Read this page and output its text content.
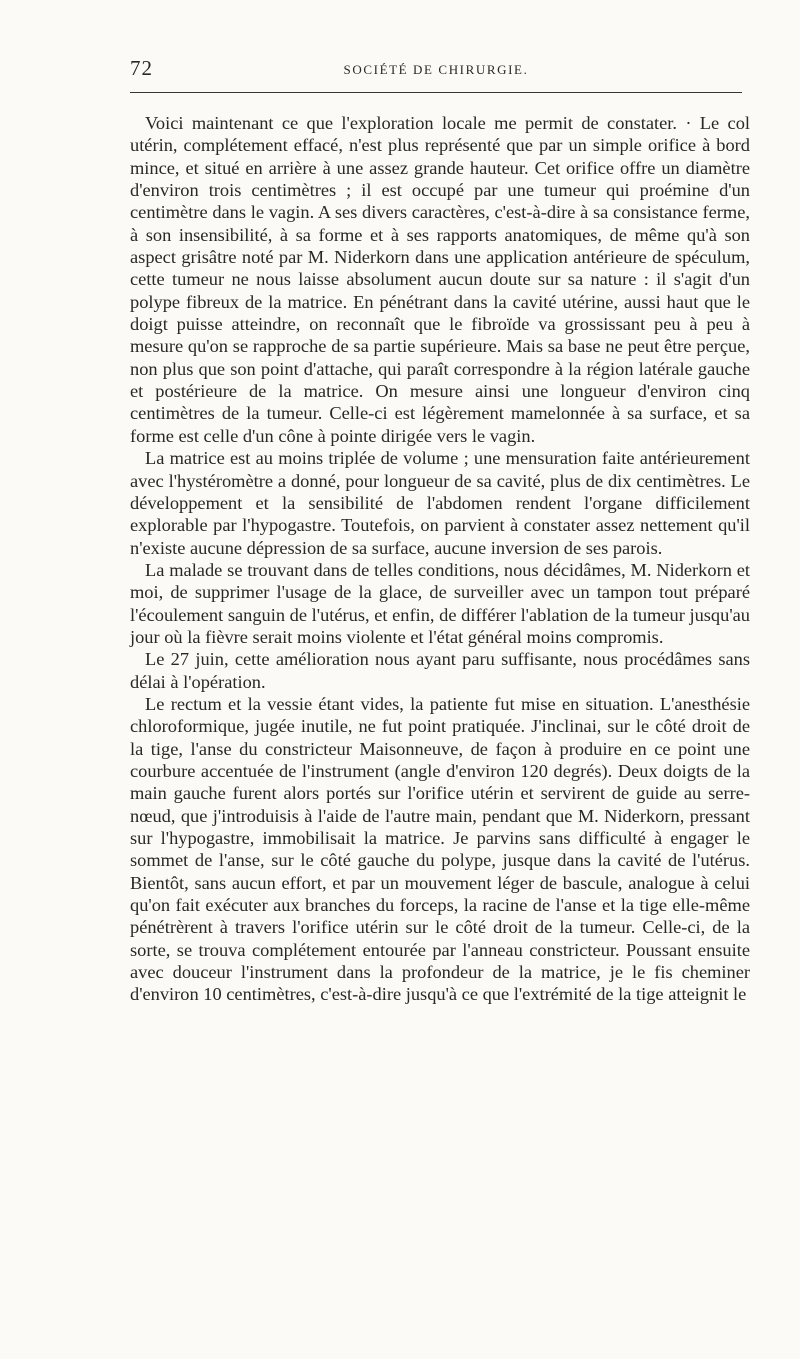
72	SOCIÉTÉ DE CHIRURGIE.

Voici maintenant ce que l'exploration locale me permit de constater. · Le col utérin, complétement effacé, n'est plus représenté que par un simple orifice à bord mince, et situé en arrière à une assez grande hauteur. Cet orifice offre un diamètre d'environ trois centimètres ; il est occupé par une tumeur qui proémine d'un centimètre dans le vagin. A ses divers caractères, c'est-à-dire à sa consistance ferme, à son insensibilité, à sa forme et à ses rapports anatomiques, de même qu'à son aspect grisâtre noté par M. Niderkorn dans une application antérieure de spéculum, cette tumeur ne nous laisse absolument aucun doute sur sa nature : il s'agit d'un polype fibreux de la matrice. En pénétrant dans la cavité utérine, aussi haut que le doigt puisse atteindre, on reconnaît que le fibroïde va grossissant peu à peu à mesure qu'on se rapproche de sa partie supérieure. Mais sa base ne peut être perçue, non plus que son point d'attache, qui paraît correspondre à la région latérale gauche et postérieure de la matrice. On mesure ainsi une longueur d'environ cinq centimètres de la tumeur. Celle-ci est légèrement mamelonnée à sa surface, et sa forme est celle d'un cône à pointe dirigée vers le vagin.

La matrice est au moins triplée de volume ; une mensuration faite antérieurement avec l'hystéromètre a donné, pour longueur de sa cavité, plus de dix centimètres. Le développement et la sensibilité de l'abdomen rendent l'organe difficilement explorable par l'hypogastre. Toutefois, on parvient à constater assez nettement qu'il n'existe aucune dépression de sa surface, aucune inversion de ses parois.

La malade se trouvant dans de telles conditions, nous décidâmes, M. Niderkorn et moi, de supprimer l'usage de la glace, de surveiller avec un tampon tout préparé l'écoulement sanguin de l'utérus, et enfin, de différer l'ablation de la tumeur jusqu'au jour où la fièvre serait moins violente et l'état général moins compromis.

Le 27 juin, cette amélioration nous ayant paru suffisante, nous procédâmes sans délai à l'opération.

Le rectum et la vessie étant vides, la patiente fut mise en situation. L'anesthésie chloroformique, jugée inutile, ne fut point pratiquée. J'inclinai, sur le côté droit de la tige, l'anse du constricteur Maisonneuve, de façon à produire en ce point une courbure accentuée de l'instrument (angle d'environ 120 degrés). Deux doigts de la main gauche furent alors portés sur l'orifice utérin et servirent de guide au serre-nœud, que j'introduisis à l'aide de l'autre main, pendant que M. Niderkorn, pressant sur l'hypogastre, immobilisait la matrice. Je parvins sans difficulté à engager le sommet de l'anse, sur le côté gauche du polype, jusque dans la cavité de l'utérus. Bientôt, sans aucun effort, et par un mouvement léger de bascule, analogue à celui qu'on fait exécuter aux branches du forceps, la racine de l'anse et la tige elle-même pénétrèrent à travers l'orifice utérin sur le côté droit de la tumeur. Celle-ci, de la sorte, se trouva complétement entourée par l'anneau constricteur. Poussant ensuite avec douceur l'instrument dans la profondeur de la matrice, je le fis cheminer d'environ 10 centimètres, c'est-à-dire jusqu'à ce que l'extrémité de la tige atteignit le
